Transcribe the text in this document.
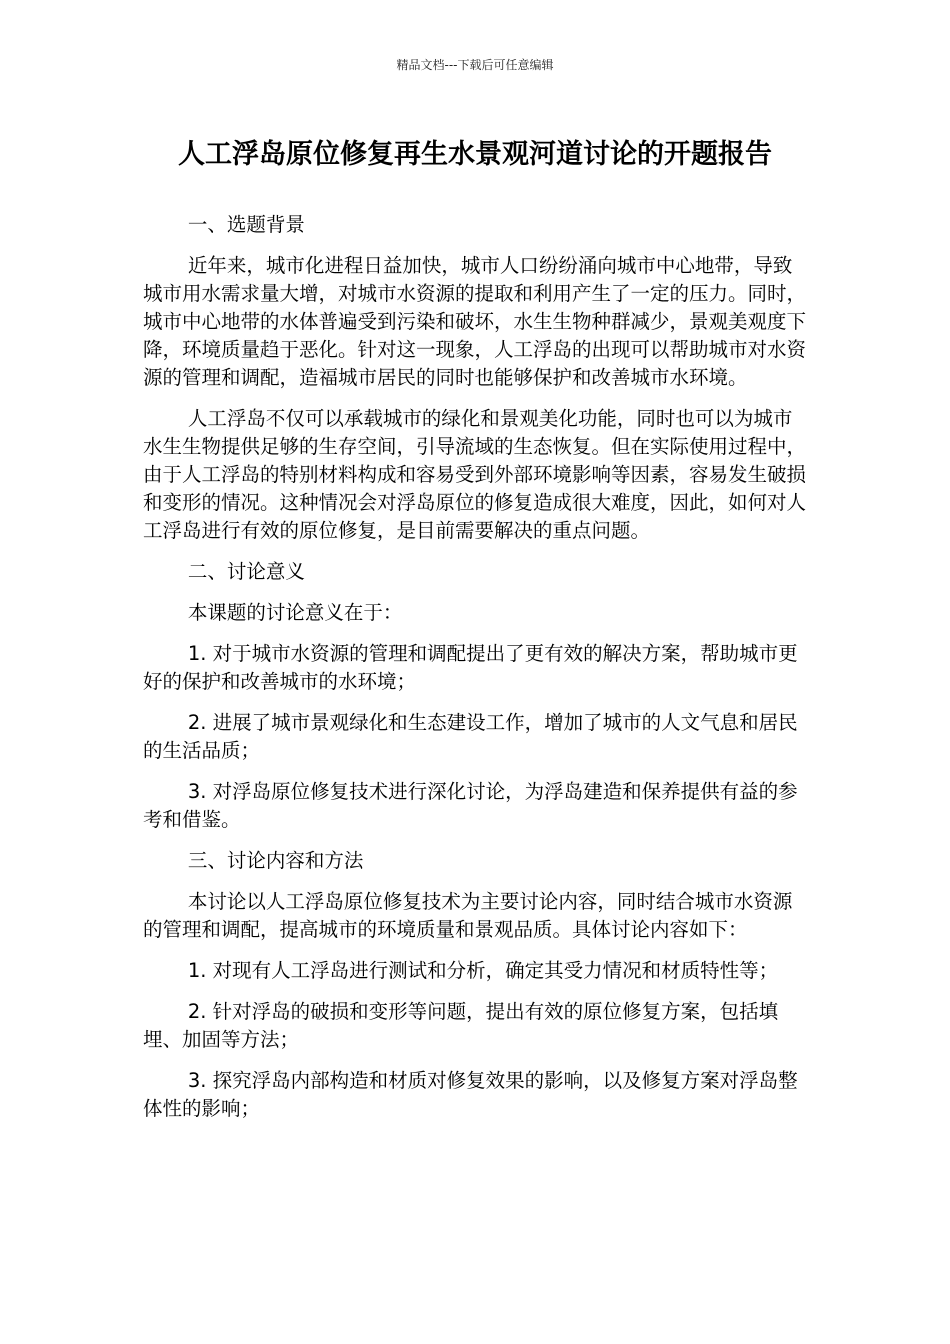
精品文档---下载后可任意编辑
人工浮岛原位修复再生水景观河道讨论的开题报告

一、选题背景

近年来，城市化进程日益加快，城市人口纷纷涌向城市中心地带，导致城市用水需求量大增，对城市水资源的提取和利用产生了一定的压力。同时，城市中心地带的水体普遍受到污染和破坏，水生生物种群减少，景观美观度下降，环境质量趋于恶化。针对这一现象，人工浮岛的出现可以帮助城市对水资源的管理和调配，造福城市居民的同时也能够保护和改善城市水环境。

人工浮岛不仅可以承载城市的绿化和景观美化功能，同时也可以为城市水生生物提供足够的生存空间，引导流域的生态恢复。但在实际使用过程中，由于人工浮岛的特别材料构成和容易受到外部环境影响等因素，容易发生破损和变形的情况。这种情况会对浮岛原位的修复造成很大难度，因此，如何对人工浮岛进行有效的原位修复，是目前需要解决的重点问题。

二、讨论意义

本课题的讨论意义在于：

1. 对于城市水资源的管理和调配提出了更有效的解决方案，帮助城市更好的保护和改善城市的水环境；

2. 进展了城市景观绿化和生态建设工作，增加了城市的人文气息和居民的生活品质；

3. 对浮岛原位修复技术进行深化讨论，为浮岛建造和保养提供有益的参考和借鉴。

三、讨论内容和方法

本讨论以人工浮岛原位修复技术为主要讨论内容，同时结合城市水资源的管理和调配，提高城市的环境质量和景观品质。具体讨论内容如下：

1. 对现有人工浮岛进行测试和分析，确定其受力情况和材质特性等；

2. 针对浮岛的破损和变形等问题，提出有效的原位修复方案，包括填埋、加固等方法；

3. 探究浮岛内部构造和材质对修复效果的影响，以及修复方案对浮岛整体性的影响；
